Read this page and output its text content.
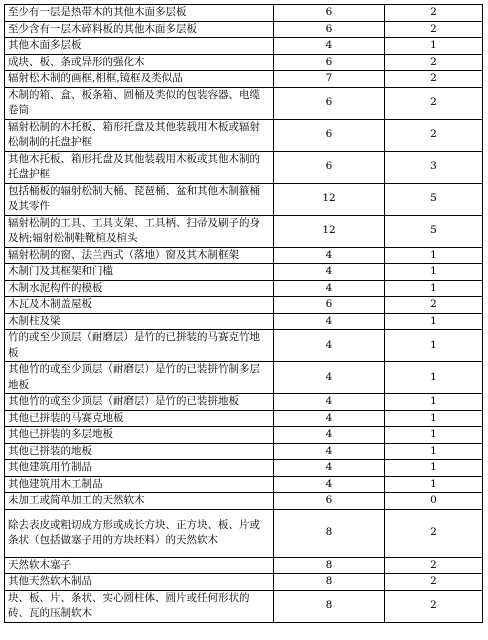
至少有一层是热带木的其他木面多层板	6	2
至少含有一层木碎料板的其他木面多层板	6	2
其他木面多层板	4	1
成块、板、条或异形的强化木	6	2
辐射松木制的画框,相框,镜框及类似品	7	2
木制的箱、盒、板条箱、圆桶及类似的包装容器、电缆卷筒	6	2
辐射松制的木托板、箱形托盘及其他装载用木板或辐射松制制的托盘护框	6	2
其他木托板、箱形托盘及其他装载用木板或其他木制的托盘护框	6	3
包括桶板的辐射松制大桶、琵琶桶、盆和其他木制箍桶及其零件	12	5
辐射松制的工具、工具支架、工具柄、扫帚及刷子的身及柄;辐射松制鞋靴楦及楦头	12	5
辐射松制的窗、法兰西式（落地）窗及其木制框架	4	1
木制门及其框架和门槛	4	1
木制水泥构件的模板	4	1
木瓦及木制盖屋板	6	2
木制柱及梁	4	1
竹的或至少顶层（耐磨层）是竹的已拼装的马赛克竹地板	4	1
其他竹的或至少顶层（耐磨层）是竹的已装拼竹制多层地板	4	1
其他竹的或至少顶层（耐磨层）是竹的已装拼地板	4	1
其他已拼装的马赛克地板	4	1
其他已拼装的多层地板	4	1
其他已拼装的地板	4	1
其他建筑用竹制品	4	1
其他建筑用木工制品	4	1
未加工或简单加工的天然软木	6	0
除去表皮或粗切成方形或成长方块、正方块、板、片或条状（包括做塞子用的方块坯料）的天然软木	8	2
天然软木塞子	8	2
其他天然软木制品	8	2
块、板、片、条状、实心圆柱体、圆片或任何形状的砖、瓦的压制软木	8	2
